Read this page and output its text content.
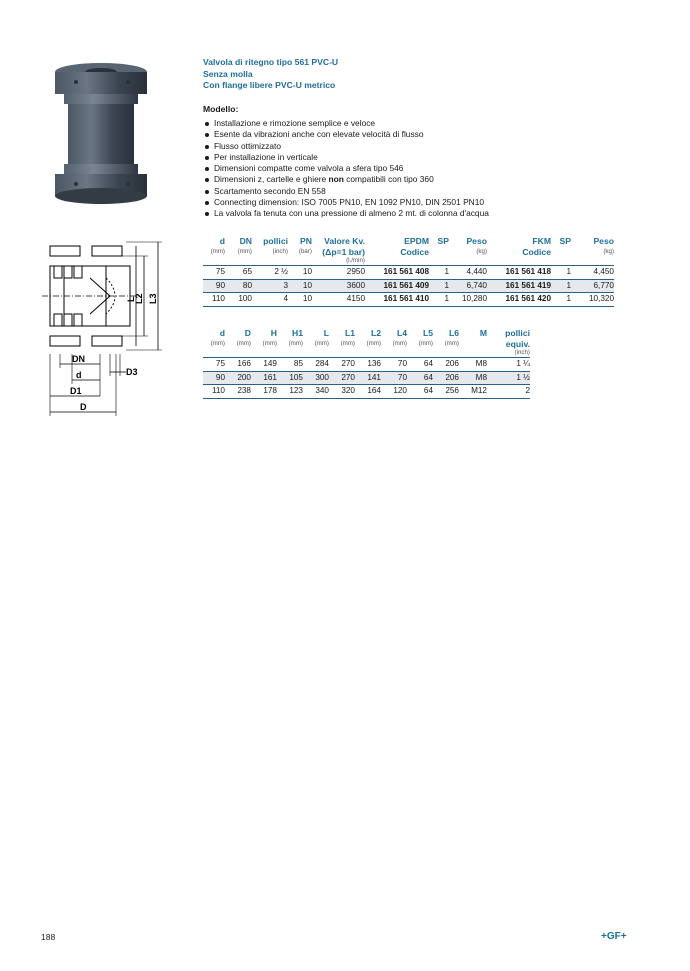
DN
d
D1
D
D3
L
L2 L3
Valvola di ritegno tipo 561 PVC-U
Senza molla
Con flange libere PVC-U metrico
Modello:
Installazione e rimozione semplice e veloce
Esente da vibrazioni anche con elevate velocità di flusso
Flusso ottimizzato
Per installazione in verticale
Dimensioni compatte come valvola a sfera tipo 546
Dimensioni z, cartelle e ghiere non compatibili con tipo 360
Scartamento secondo EN 558
Connecting dimension: ISO 7005 PN10, EN 1092 PN10, DIN 2501 PN10
La valvola fa tenuta con una pressione di almeno 2 mt. di colonna d'acqua
d	DN	pollici	PN	Valore Kv.	EPDM	SP	Peso	FKM	SP	Peso
(mm)	(mm)	(inch)	(bar)	(Δp=1 bar)	Codice		(kg)	Codice		(kg)
				(l./min)						

75	65	2 ½	10	2950	161 561 408	1	4,440	161 561 418	1	4,450
90	80	3	10	3600	161 561 409	1	6,740	161 561 419	1	6,770
110	100	4	10	4150	161 561 410	1	10,280	161 561 420	1	10,320
d	D	H	H1	L	L1	L2	L4	L5	L6	M	pollici
(mm)	(mm)	(mm)	(mm)	(mm)	(mm)	(mm)	(mm)	(mm)	(mm)		equiv.
											(inch)

75	166	149	85	284	270	136	70	64	206	M8	1 ¼
90	200	161	105	300	270	141	70	64	206	M8	1 ½
110	238	178	123	340	320	164	120	64	256	M12	2
188	+GF+
